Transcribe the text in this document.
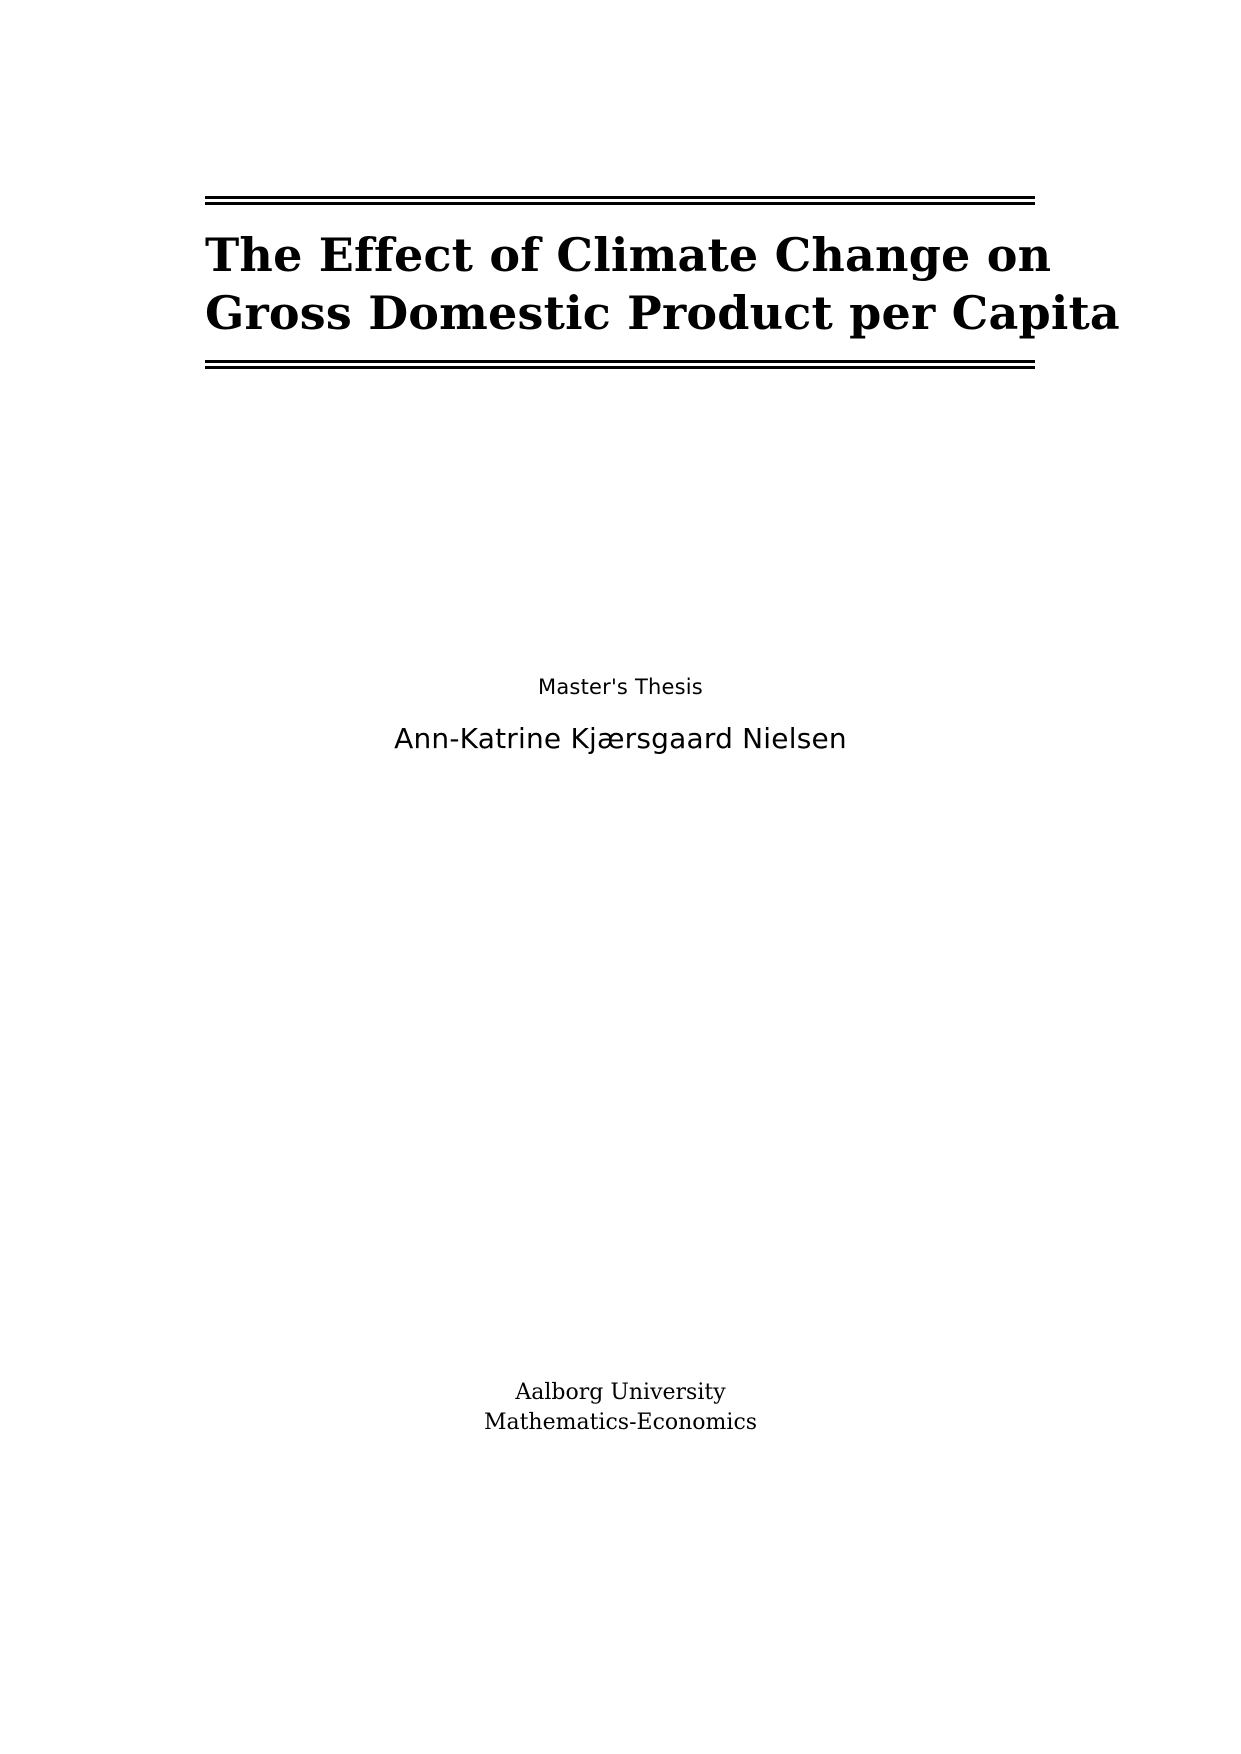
The Effect of Climate Change on
Gross Domestic Product per Capita
Master's Thesis
Ann-Katrine Kjærsgaard Nielsen
Aalborg University
Mathematics-Economics
